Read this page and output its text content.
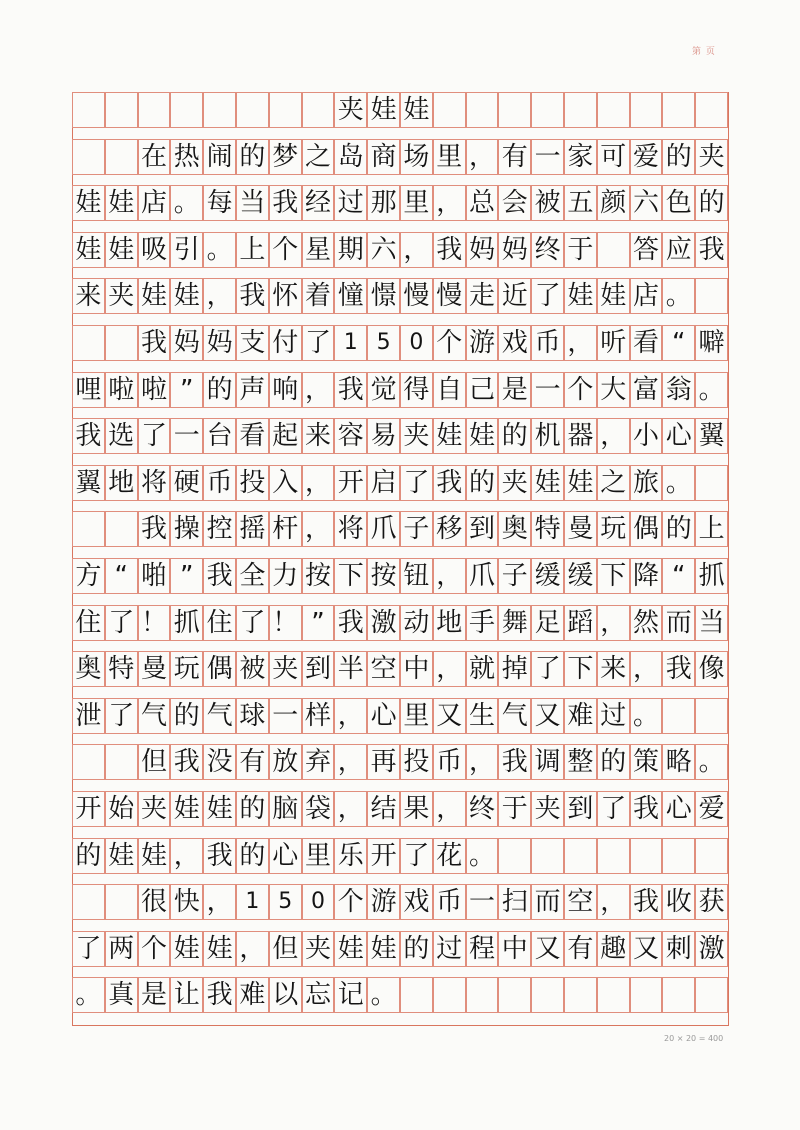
第 页
夹 娃 娃
在 热 闹 的 梦 之 岛 商 场 里 ， 有 一 家 可 爱 的 夹
娃 娃 店 。 每 当 我 经 过 那 里 ， 总 会 被 五 颜 六 色 的
娃 娃 吸 引 。 上 个 星 期 六 ， 我 妈 妈 终 于 答 应 我
来 夹 娃 娃 ， 我 怀 着 憧 憬 慢 慢 走 近 了 娃 娃 店 。
我 妈 妈 支 付 了 1 5 0 个 游 戏 币 ， 听 看 “ 噼
哩 啦 啦 ” 的 声 响 ， 我 觉 得 自 己 是 一 个 大 富 翁 。
我 选 了 一 台 看 起 来 容 易 夹 娃 娃 的 机 器 ， 小 心 翼
翼 地 将 硬 币 投 入 ， 开 启 了 我 的 夹 娃 娃 之 旅 。
我 操 控 摇 杆 ， 将 爪 子 移 到 奥 特 曼 玩 偶 的 上
方 “ 啪 ” 我 全 力 按 下 按 钮 ， 爪 子 缓 缓 下 降 “ 抓
住 了 ！ 抓 住 了 ！ ” 我 激 动 地 手 舞 足 蹈 ， 然 而 当
奥 特 曼 玩 偶 被 夹 到 半 空 中 ， 就 掉 了 下 来 ， 我 像
泄 了 气 的 气 球 一 样 ， 心 里 又 生 气 又 难 过 。
但 我 没 有 放 弃 ， 再 投 币 ， 我 调 整 的 策 略 。
开 始 夹 娃 娃 的 脑 袋 ， 结 果 ， 终 于 夹 到 了 我 心 爱
的 娃 娃 ， 我 的 心 里 乐 开 了 花 。
很 快 ， 1 5 0 个 游 戏 币 一 扫 而 空 ， 我 收 获
了 两 个 娃 娃 ， 但 夹 娃 娃 的 过 程 中 又 有 趣 又 刺 激
。 真 是 让 我 难 以 忘 记 。
20 × 20 = 400
